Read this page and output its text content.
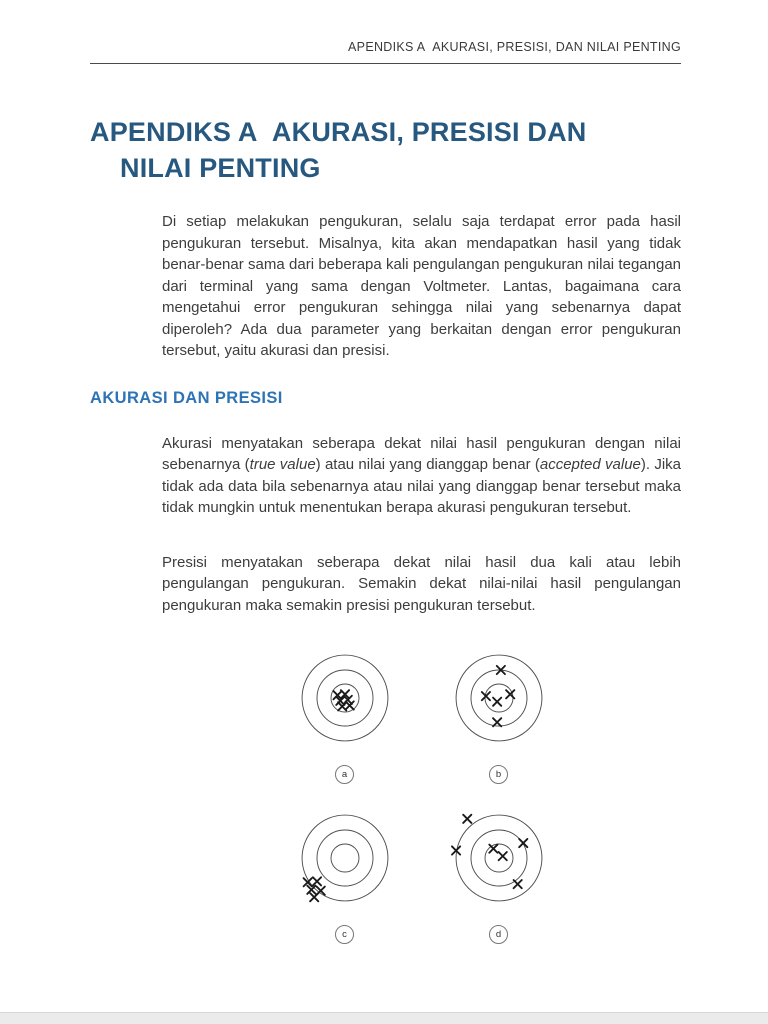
APENDIKS A  AKURASI, PRESISI, DAN NILAI PENTING
APENDIKS A  AKURASI, PRESISI DAN
NILAI PENTING

Di setiap melakukan pengukuran, selalu saja terdapat error pada hasil pengukuran tersebut. Misalnya, kita akan mendapatkan hasil yang tidak benar-benar sama dari beberapa kali pengulangan pengukuran nilai tegangan dari terminal yang sama dengan Voltmeter. Lantas, bagaimana cara mengetahui error pengukuran sehingga nilai yang sebenarnya dapat diperoleh? Ada dua parameter yang berkaitan dengan error pengukuran tersebut, yaitu akurasi dan presisi.

AKURASI DAN PRESISI

Akurasi menyatakan seberapa dekat nilai hasil pengukuran dengan nilai sebenarnya (true value) atau nilai yang dianggap benar (accepted value). Jika tidak ada data bila sebenarnya atau nilai yang dianggap benar tersebut maka tidak mungkin untuk menentukan berapa akurasi pengukuran tersebut.

Presisi menyatakan seberapa dekat nilai hasil dua kali atau lebih pengulangan pengukuran. Semakin dekat nilai-nilai hasil pengulangan pengukuran maka semakin presisi pengukuran tersebut.

a	b
c	d
